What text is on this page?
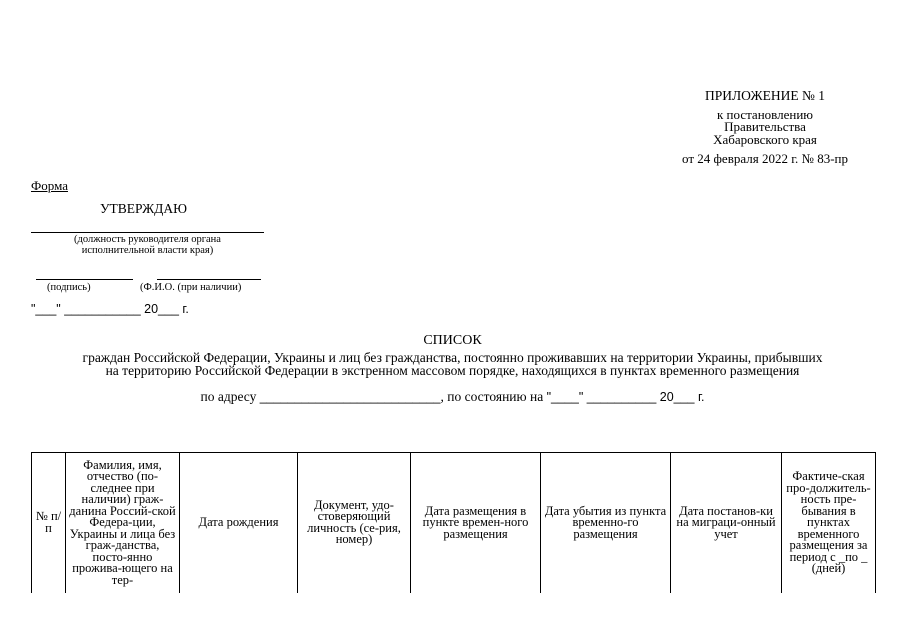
ПРИЛОЖЕНИЕ № 1
к постановлению
Правительства
Хабаровского края
от 24 февраля 2022 г. № 83-пр
Форма
УТВЕРЖДАЮ
(должность руководителя органа
исполнительной власти края)
(подпись)	(Ф.И.О. (при наличии)
"___" ___________ 20___ г.
СПИСОК
граждан Российской Федерации, Украины и лиц без гражданства, постоянно проживавших на территории Украины, прибывших
на территорию Российской Федерации в экстренном массовом порядке, находящихся в пунктах временного размещения
по адресу __________________________, по состоянию на "____" __________ 20___ г.
№ п/п	Фамилия, имя, отчество (по-следнее при наличии) граж-данина Россий-ской Федера-ции, Украины и лица без граж-данства, посто-янно прожива-ющего на тер-	Дата рождения	Документ, удо-стоверяющий личность (се-рия, номер)	Дата размещения в пункте времен-ного размещения	Дата убытия из пункта временно-го размещения	Дата постанов-ки на миграци-онный учет	Фактиче-ская про-должитель-ность пре-бывания в пунктах временного размещения за период с _по _ (дней)
